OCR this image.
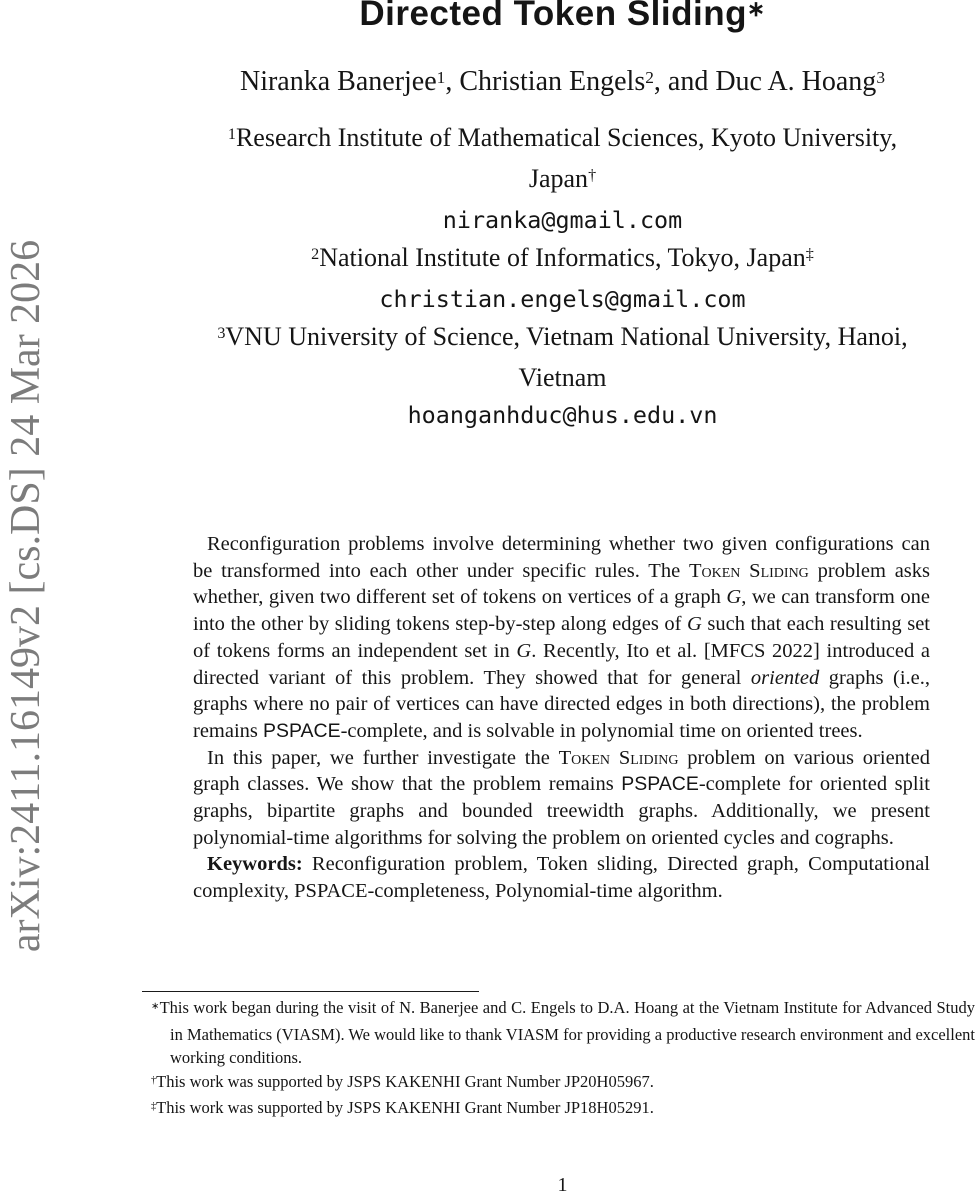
arXiv:2411.16149v2 [cs.DS] 24 Mar 2026
Directed Token Sliding∗
Niranka Banerjee$^1$, Christian Engels$^2$, and Duc A. Hoang$^3$
$^1$Research Institute of Mathematical Sciences, Kyoto University,
Japan†
niranka@gmail.com
$^2$National Institute of Informatics, Tokyo, Japan‡
christian.engels@gmail.com
$^3$VNU University of Science, Vietnam National University, Hanoi,
Vietnam
hoanganhduc@hus.edu.vn

Reconfiguration problems involve determining whether two given configurations can be transformed into each other under specific rules. The Token Sliding problem asks whether, given two different set of tokens on vertices of a graph G, we can transform one into the other by sliding tokens step-by-step along edges of G such that each resulting set of tokens forms an independent set in G. Recently, Ito et al. [MFCS 2022] introduced a directed variant of this problem. They showed that for general oriented graphs (i.e., graphs where no pair of vertices can have directed edges in both directions), the problem remains PSPACE-complete, and is solvable in polynomial time on oriented trees.

In this paper, we further investigate the Token Sliding problem on various oriented graph classes. We show that the problem remains PSPACE-complete for oriented split graphs, bipartite graphs and bounded treewidth graphs. Additionally, we present polynomial-time algorithms for solving the problem on oriented cycles and cographs.

Keywords: Reconfiguration problem, Token sliding, Directed graph, Computational complexity, PSPACE-completeness, Polynomial-time algorithm.

∗This work began during the visit of N. Banerjee and C. Engels to D.A. Hoang at the Vietnam Institute for Advanced Study in Mathematics (VIASM). We would like to thank VIASM for providing a productive research environment and excellent working conditions.
†This work was supported by JSPS KAKENHI Grant Number JP20H05967.
‡This work was supported by JSPS KAKENHI Grant Number JP18H05291.
1
